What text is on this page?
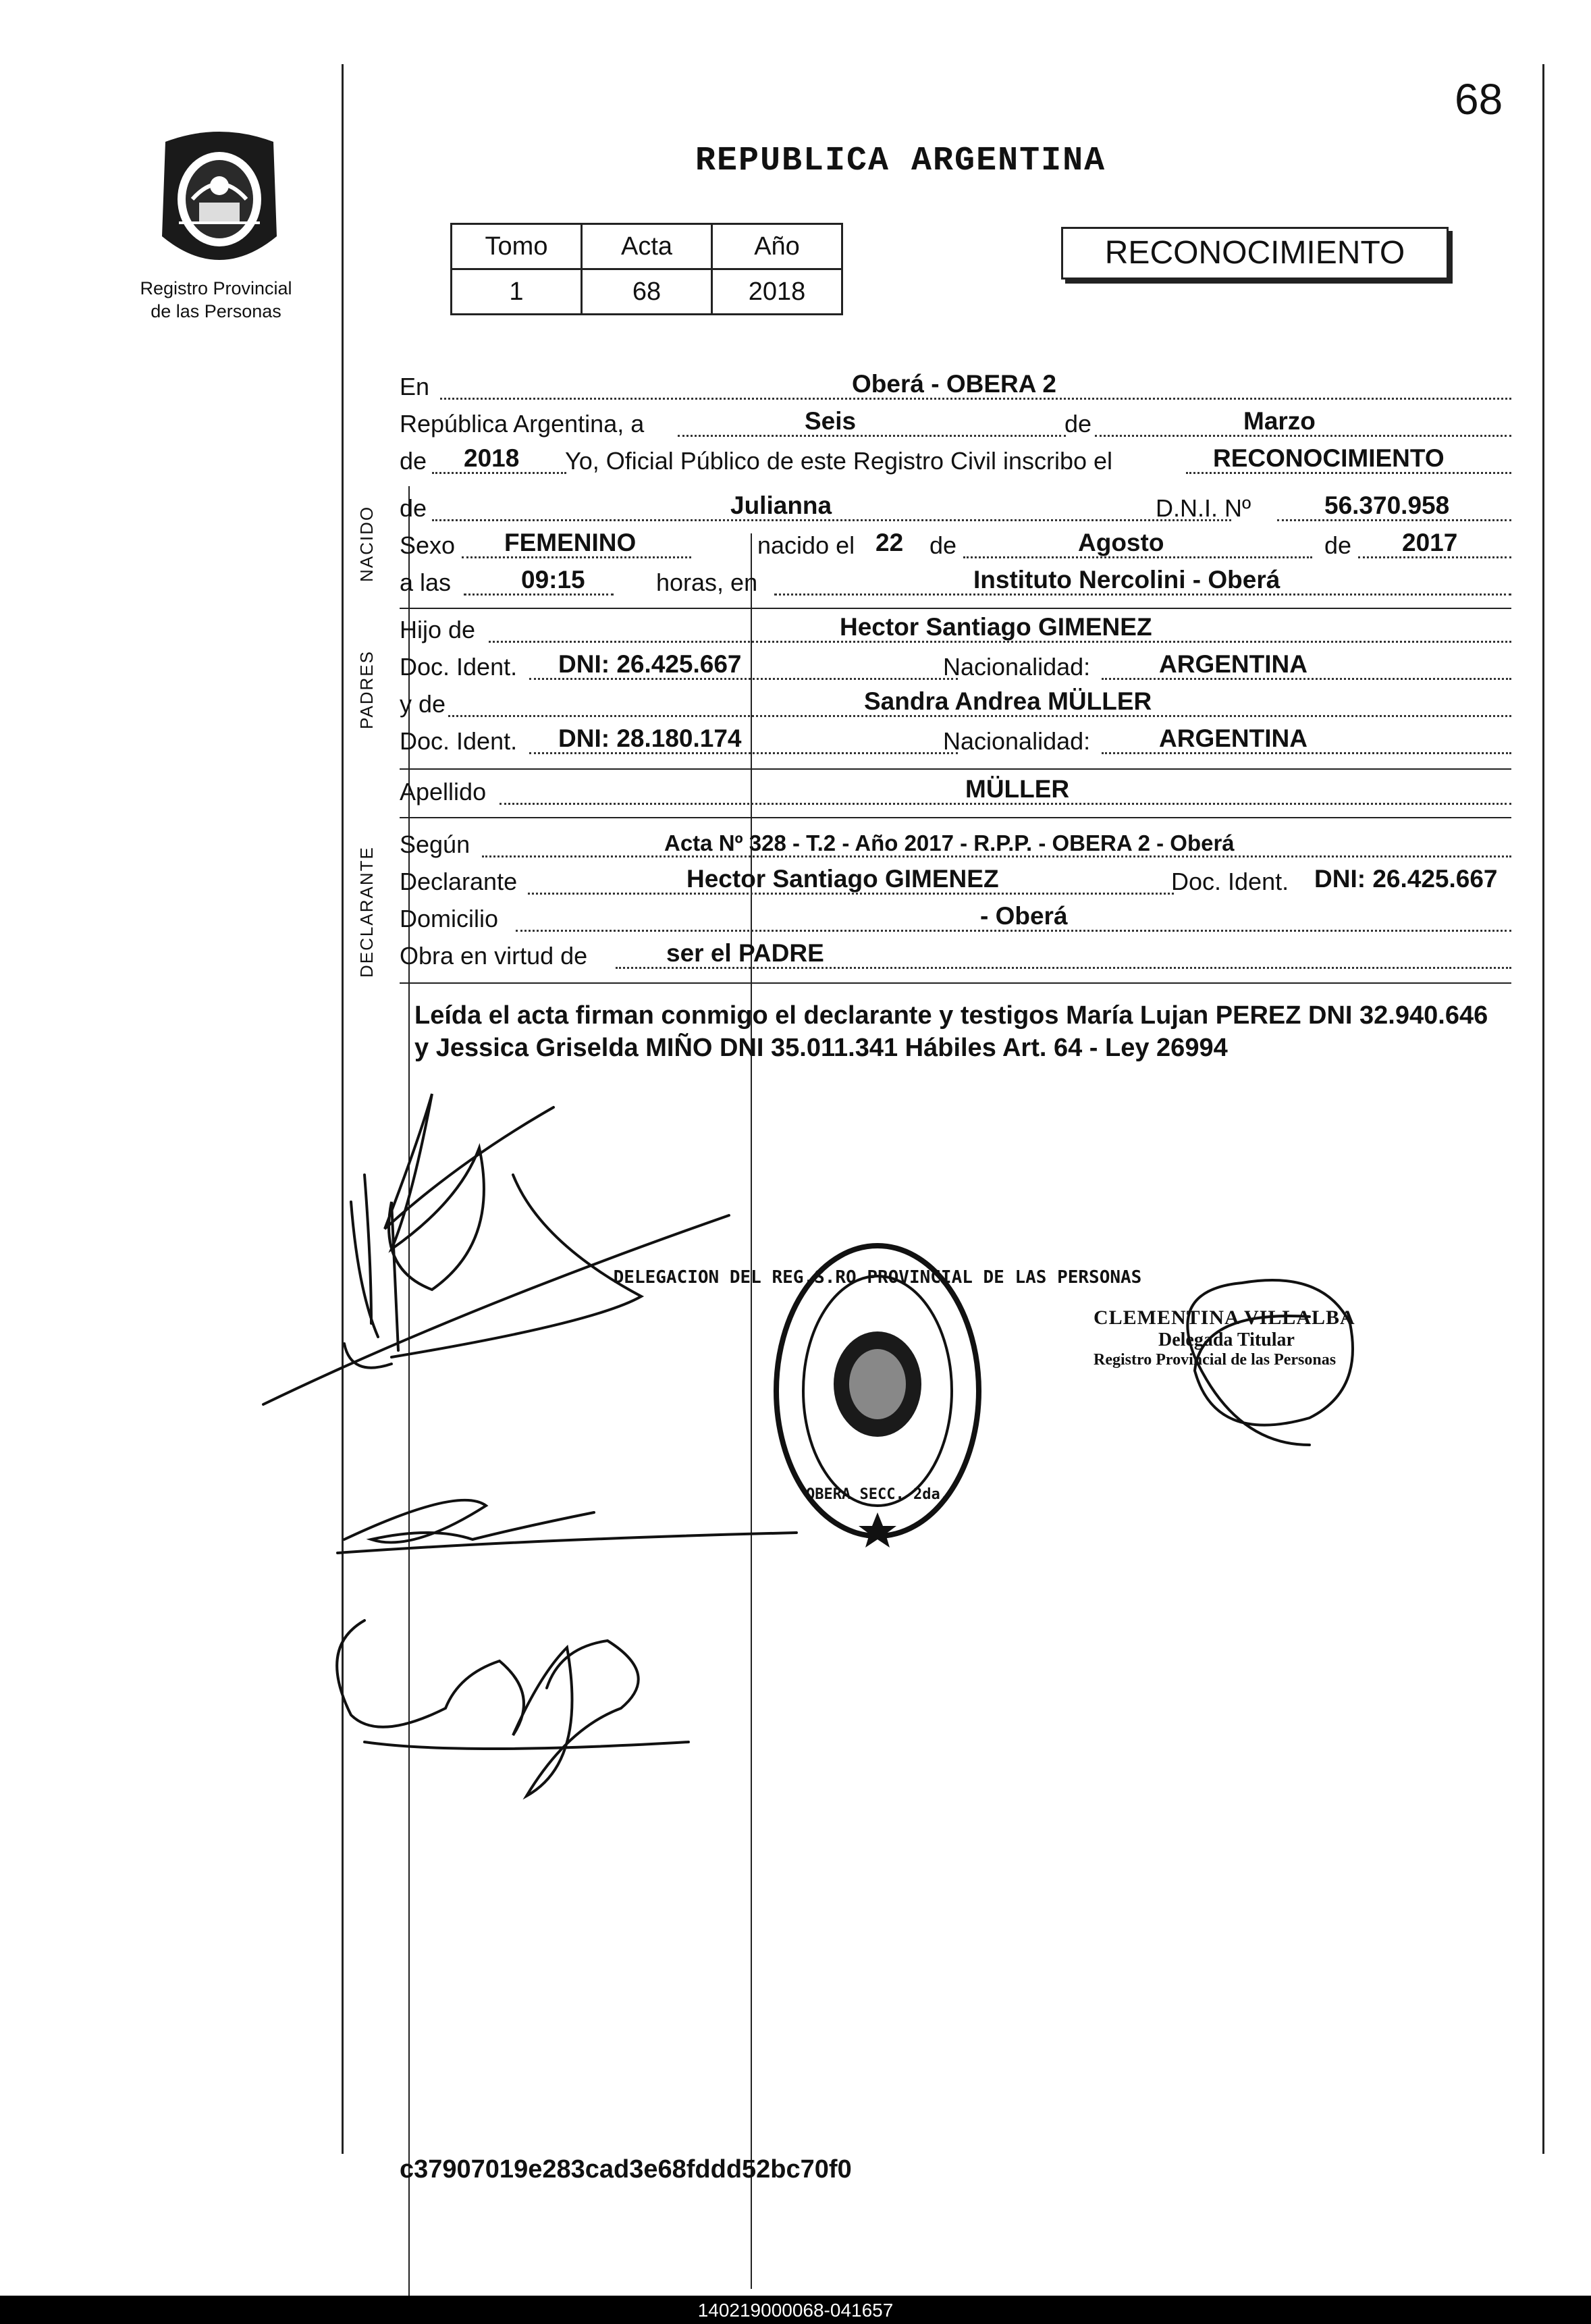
68
REPUBLICA ARGENTINA
Registro Provincial
de las Personas
Tomo	Acta	Año
1	68	2018
RECONOCIMIENTO
En	Oberá - OBERA 2
República Argentina, a	Seis	de	Marzo
de 2018 Yo, Oficial Público de este Registro Civil inscribo el	RECONOCIMIENTO
NACIDO de	Julianna	D.N.I. Nº	56.370.958
Sexo FEMENINO	nacido el 22 de	Agosto	de 2017
a las	09:15	horas, en	Instituto Nercolini - Oberá
PADRES
Hijo de	Hector Santiago GIMENEZ
Doc. Ident. DNI: 26.425.667	Nacionalidad:	ARGENTINA
y de	Sandra Andrea MÜLLER
Doc. Ident. DNI: 28.180.174	Nacionalidad:	ARGENTINA
Apellido	MÜLLER
DECLARANTE
Según	Acta Nº 328 - T.2 - Año 2017 - R.P.P. - OBERA 2 - Oberá
Declarante	Hector Santiago GIMENEZ	Doc. Ident. DNI: 26.425.667
Domicilio	- Oberá
Obra en virtud de	ser el PADRE
Leída el acta firman conmigo el declarante y testigos María Lujan PEREZ DNI 32.940.646 y Jessica Griselda MIÑO DNI 35.011.341 Hábiles Art. 64 - Ley 26994
DELEGACION DEL REG.S.RO PROVINCIAL DE LAS PERSONAS
OBERA SECC. 2da.
CLEMENTINA VILLALBA
Delegada Titular
Registro Provincial de las Personas
c37907019e283cad3e68fddd52bc70f0
140219000068-041657
